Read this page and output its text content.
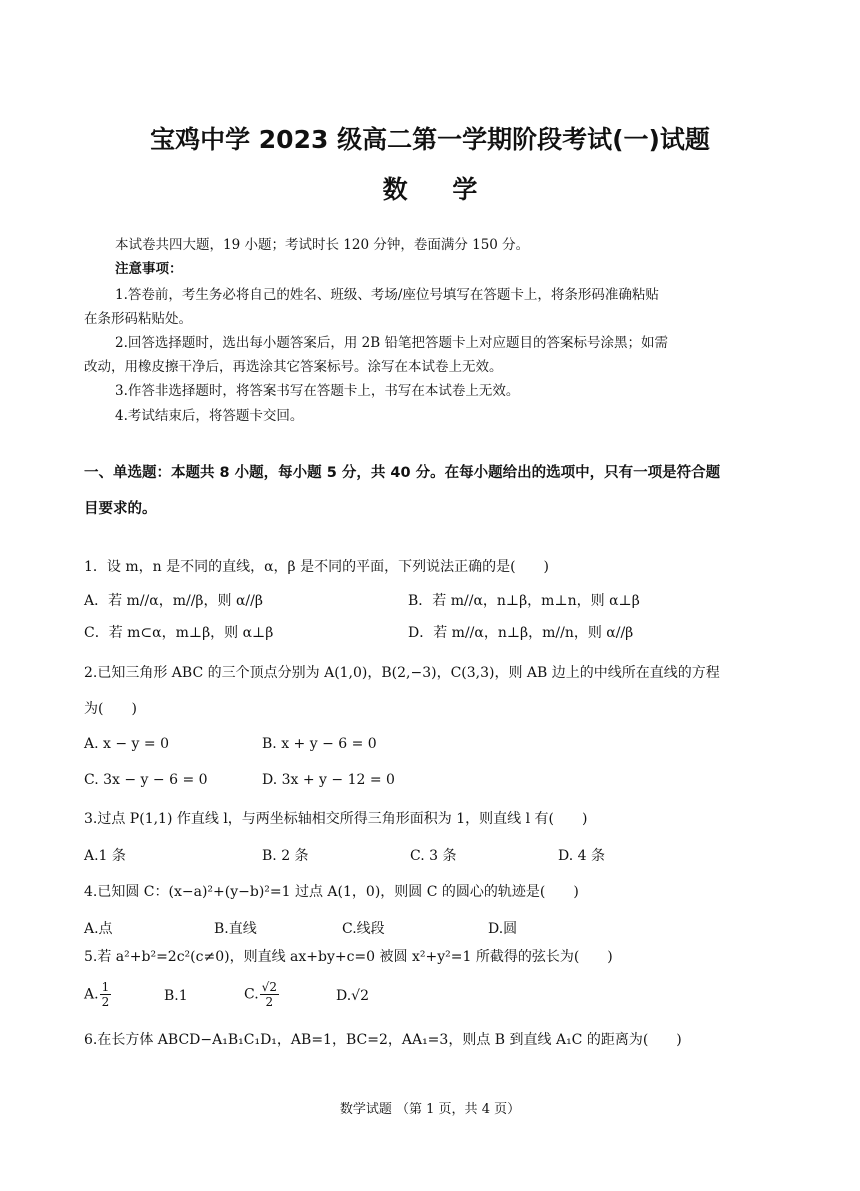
宝鸡中学 2023 级高二第一学期阶段考试(一)试题
数 学
本试卷共四大题，19 小题；考试时长 120 分钟，卷面满分 150 分。
注意事项：
1.答卷前，考生务必将自己的姓名、班级、考场/座位号填写在答题卡上，将条形码准确粘贴
在条形码粘贴处。
2.回答选择题时，选出每小题答案后，用 2B 铅笔把答题卡上对应题目的答案标号涂黑；如需
改动，用橡皮擦干净后，再选涂其它答案标号。涂写在本试卷上无效。
3.作答非选择题时，将答案书写在答题卡上，书写在本试卷上无效。
4.考试结束后，将答题卡交回。
一、单选题：本题共 8 小题，每小题 5 分，共 40 分。在每小题给出的选项中，只有一项是符合题
目要求的。
1．设 m，n 是不同的直线，α，β 是不同的平面，下列说法正确的是(　　)
A．若 m//α，m//β，则 α//β	B．若 m//α，n⊥β，m⊥n，则 α⊥β
C．若 m⊂α，m⊥β，则 α⊥β	D．若 m//α，n⊥β，m//n，则 α//β
2.已知三角形 ABC 的三个顶点分别为 A(1,0)，B(2,−3)，C(3,3)，则 AB 边上的中线所在直线的方程
为(　　)
A. x − y = 0	B. x + y − 6 = 0
C. 3x − y − 6 = 0	D. 3x + y − 12 = 0
3.过点 P(1,1) 作直线 l，与两坐标轴相交所得三角形面积为 1，则直线 l 有(　　)
A.1 条	B. 2 条	C. 3 条	D. 4 条
4.已知圆 C：(x−a)²+(y−b)²=1 过点 A(1，0)，则圆 C 的圆心的轨迹是(　　)
A.点	B.直线	C.线段	D.圆
5.若 a²+b²=2c²(c≠0)，则直线 ax+by+c=0 被圆 x²+y²=1 所截得的弦长为(　　)
A. $\frac{1}{2}$	B.1	C. $\frac{√2}{2}$	D.√2
6.在长方体 ABCD−A₁B₁C₁D₁，AB=1，BC=2，AA₁=3，则点 B 到直线 A₁C 的距离为(　　)
数学试题 （第 1 页，共 4 页）
